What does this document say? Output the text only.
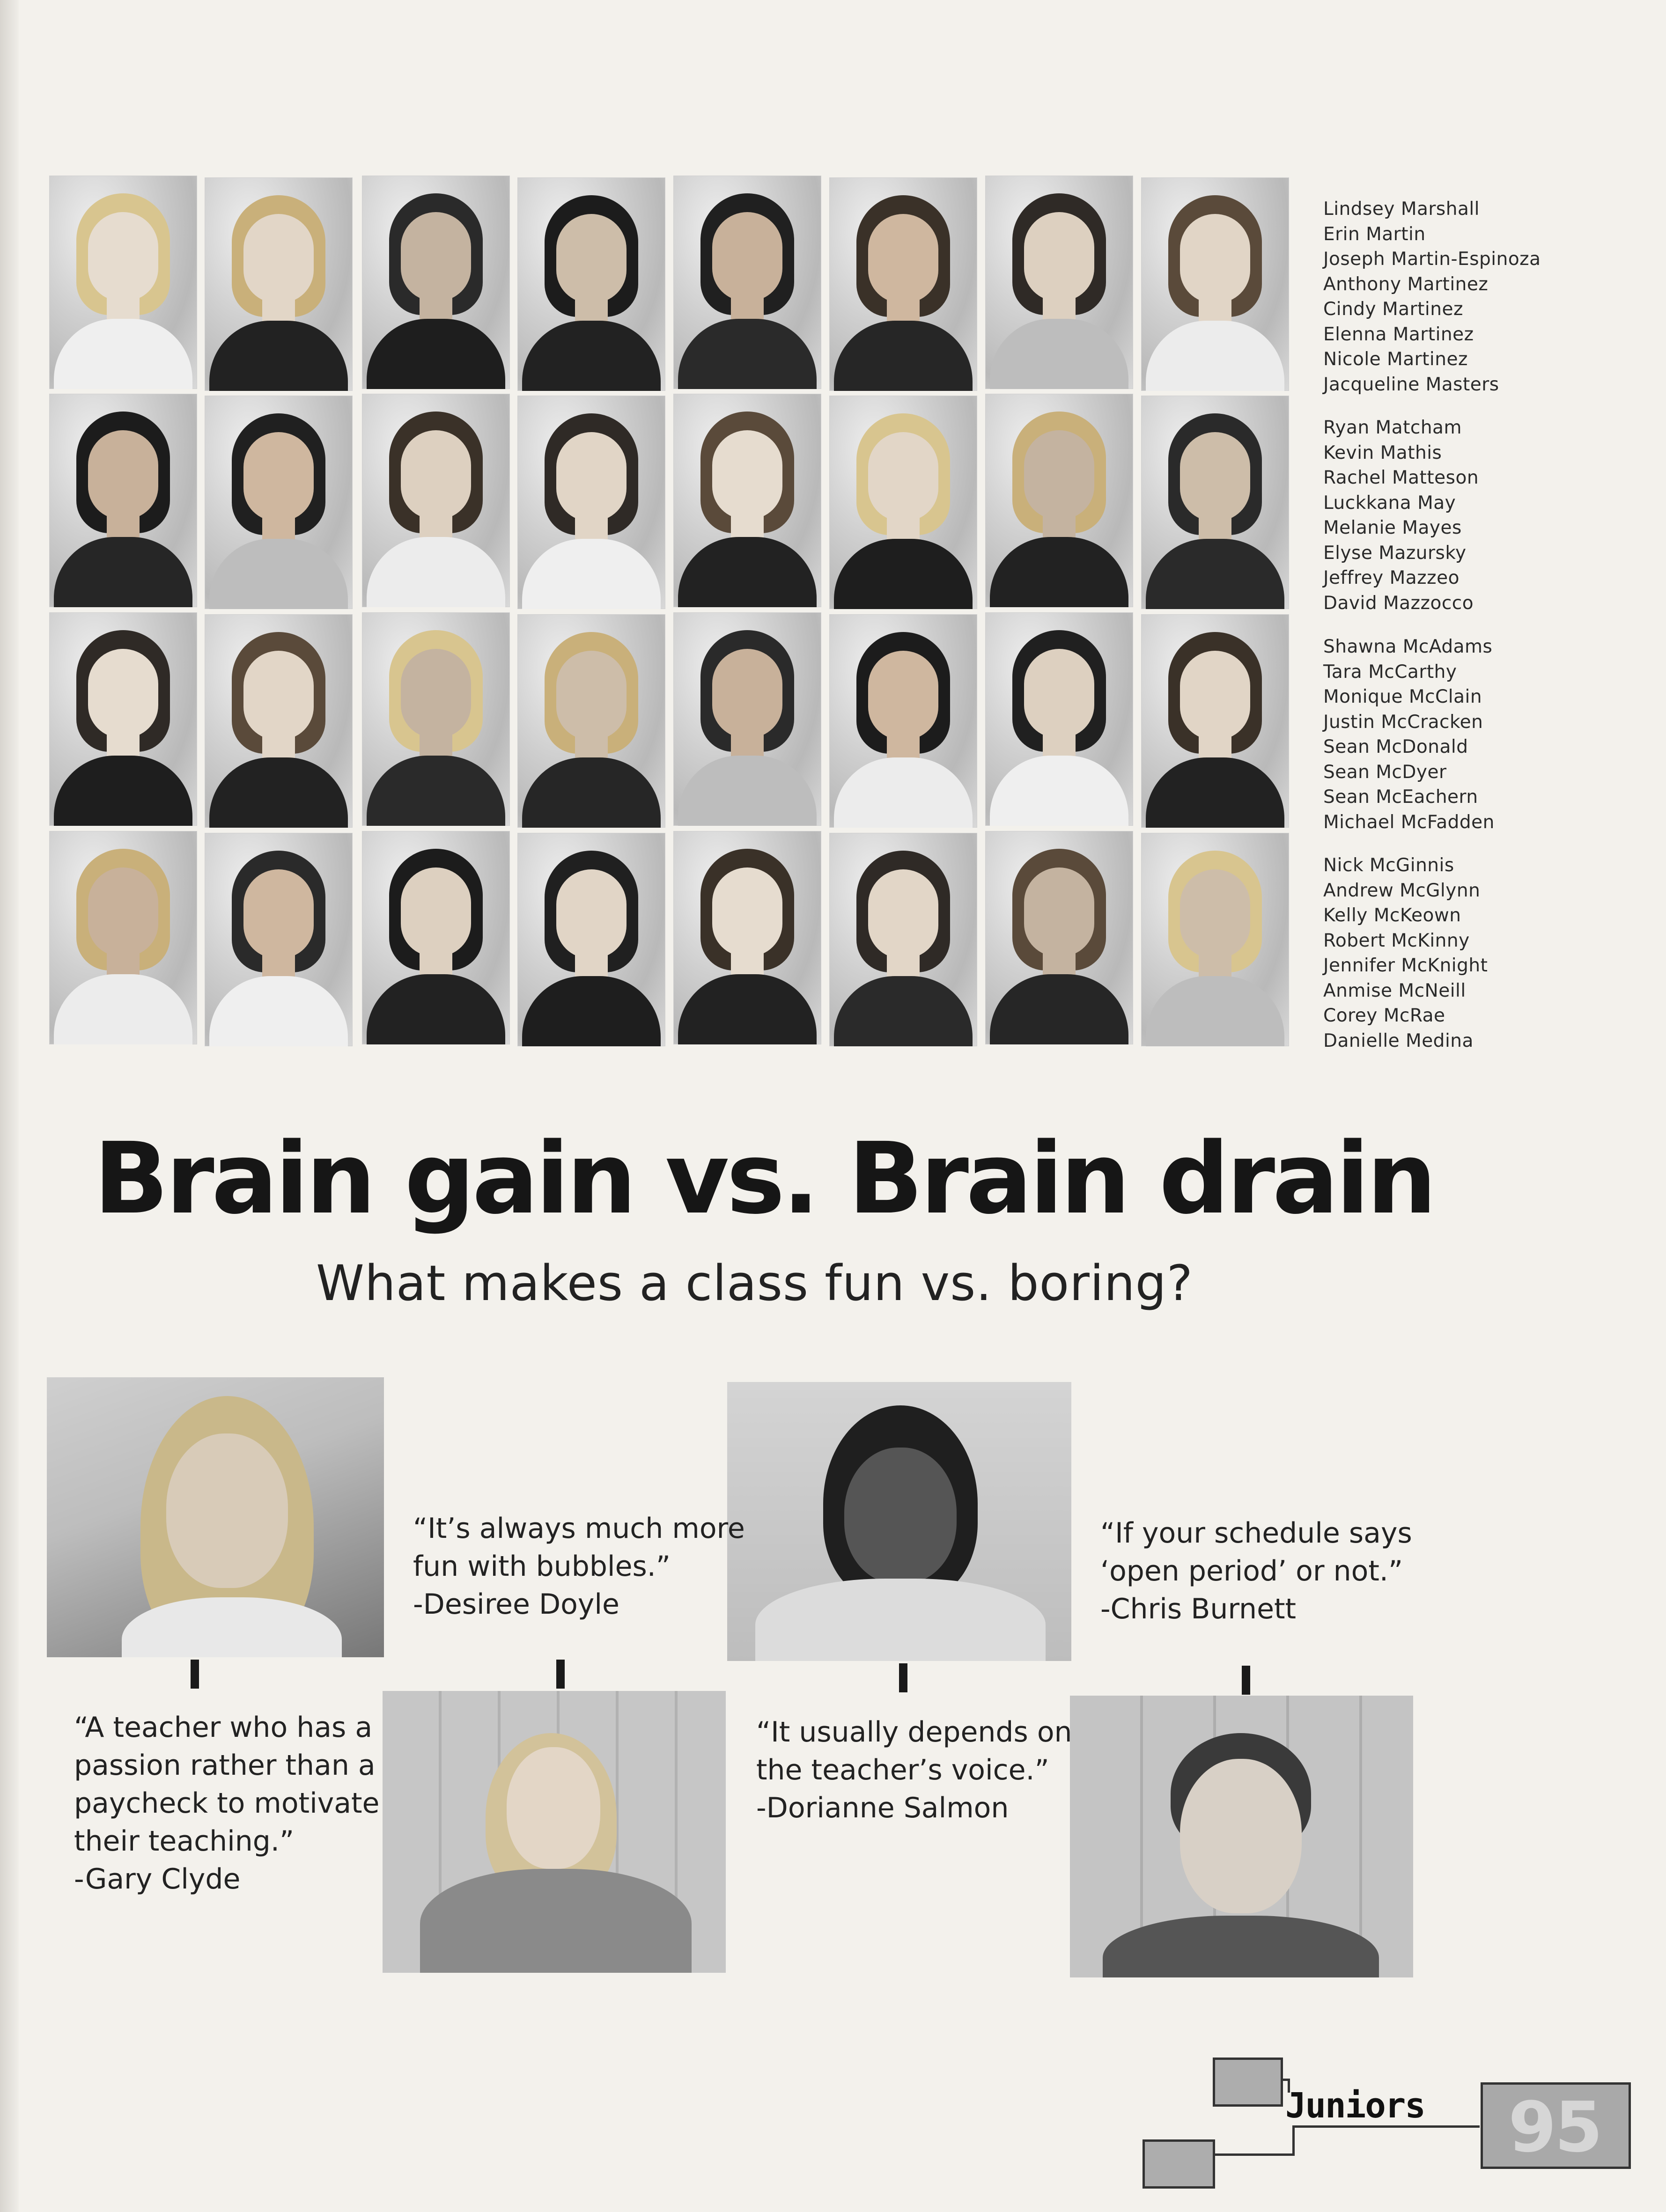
Lindsey Marshall
Erin Martin
Joseph Martin-Espinoza
Anthony Martinez
Cindy Martinez
Elenna Martinez
Nicole Martinez
Jacqueline Masters
Ryan Matcham
Kevin Mathis
Rachel Matteson
Luckkana May
Melanie Mayes
Elyse Mazursky
Jeffrey Mazzeo
David Mazzocco
Shawna McAdams
Tara McCarthy
Monique McClain
Justin McCracken
Sean McDonald
Sean McDyer
Sean McEachern
Michael McFadden
Nick McGinnis
Andrew McGlynn
Kelly McKeown
Robert McKinny
Jennifer McKnight
Anmise McNeill
Corey McRae
Danielle Medina
Brain gain vs. Brain drain
What makes a class fun vs. boring?
“A teacher who has a
passion rather than a
paycheck to motivate
their teaching.”
-Gary Clyde
“It’s always much more
fun with bubbles.”
-Desiree Doyle
“It usually depends on
the teacher’s voice.”
-Dorianne Salmon
“If your schedule says
‘open period’ or not.”
-Chris Burnett
Juniors 95
